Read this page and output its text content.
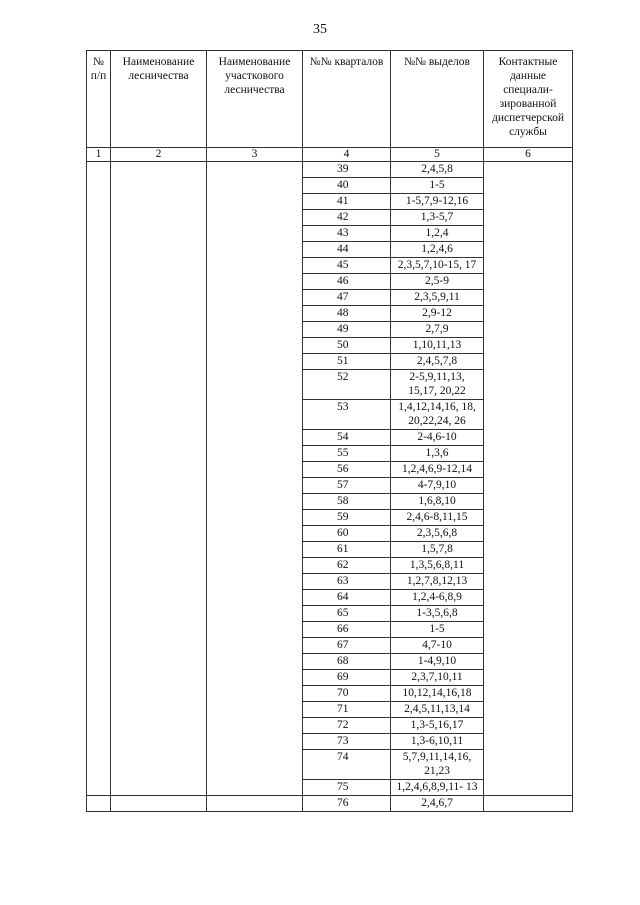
35
№ п/п	Наименование лесничества	Наименование участкового лесничества	№№ кварталов	№№ выделов	Контактные данные специали-зированной диспетчерской службы
1	2	3	4	5	6
			39	2,4,5,8	
			40	1-5	
			41	1-5,7,9-12,16	
			42	1,3-5,7	
			43	1,2,4	
			44	1,2,4,6	
			45	2,3,5,7,10-15, 17	
			46	2,5-9	
			47	2,3,5,9,11	
			48	2,9-12	
			49	2,7,9	
			50	1,10,11,13	
			51	2,4,5,7,8	
			52	2-5,9,11,13, 15,17, 20,22	
			53	1,4,12,14,16, 18, 20,22,24, 26	
			54	2-4,6-10	
			55	1,3,6	
			56	1,2,4,6,9-12,14	
			57	4-7,9,10	
			58	1,6,8,10	
			59	2,4,6-8,11,15	
			60	2,3,5,6,8	
			61	1,5,7,8	
			62	1,3,5,6,8,11	
			63	1,2,7,8,12,13	
			64	1,2,4-6,8,9	
			65	1-3,5,6,8	
			66	1-5	
			67	4,7-10	
			68	1-4,9,10	
			69	2,3,7,10,11	
			70	10,12,14,16,18	
			71	2,4,5,11,13,14	
			72	1,3-5,16,17	
			73	1,3-6,10,11	
			74	5,7,9,11,14,16, 21,23	
			75	1,2,4,6,8,9,11- 13	
			76	2,4,6,7	
